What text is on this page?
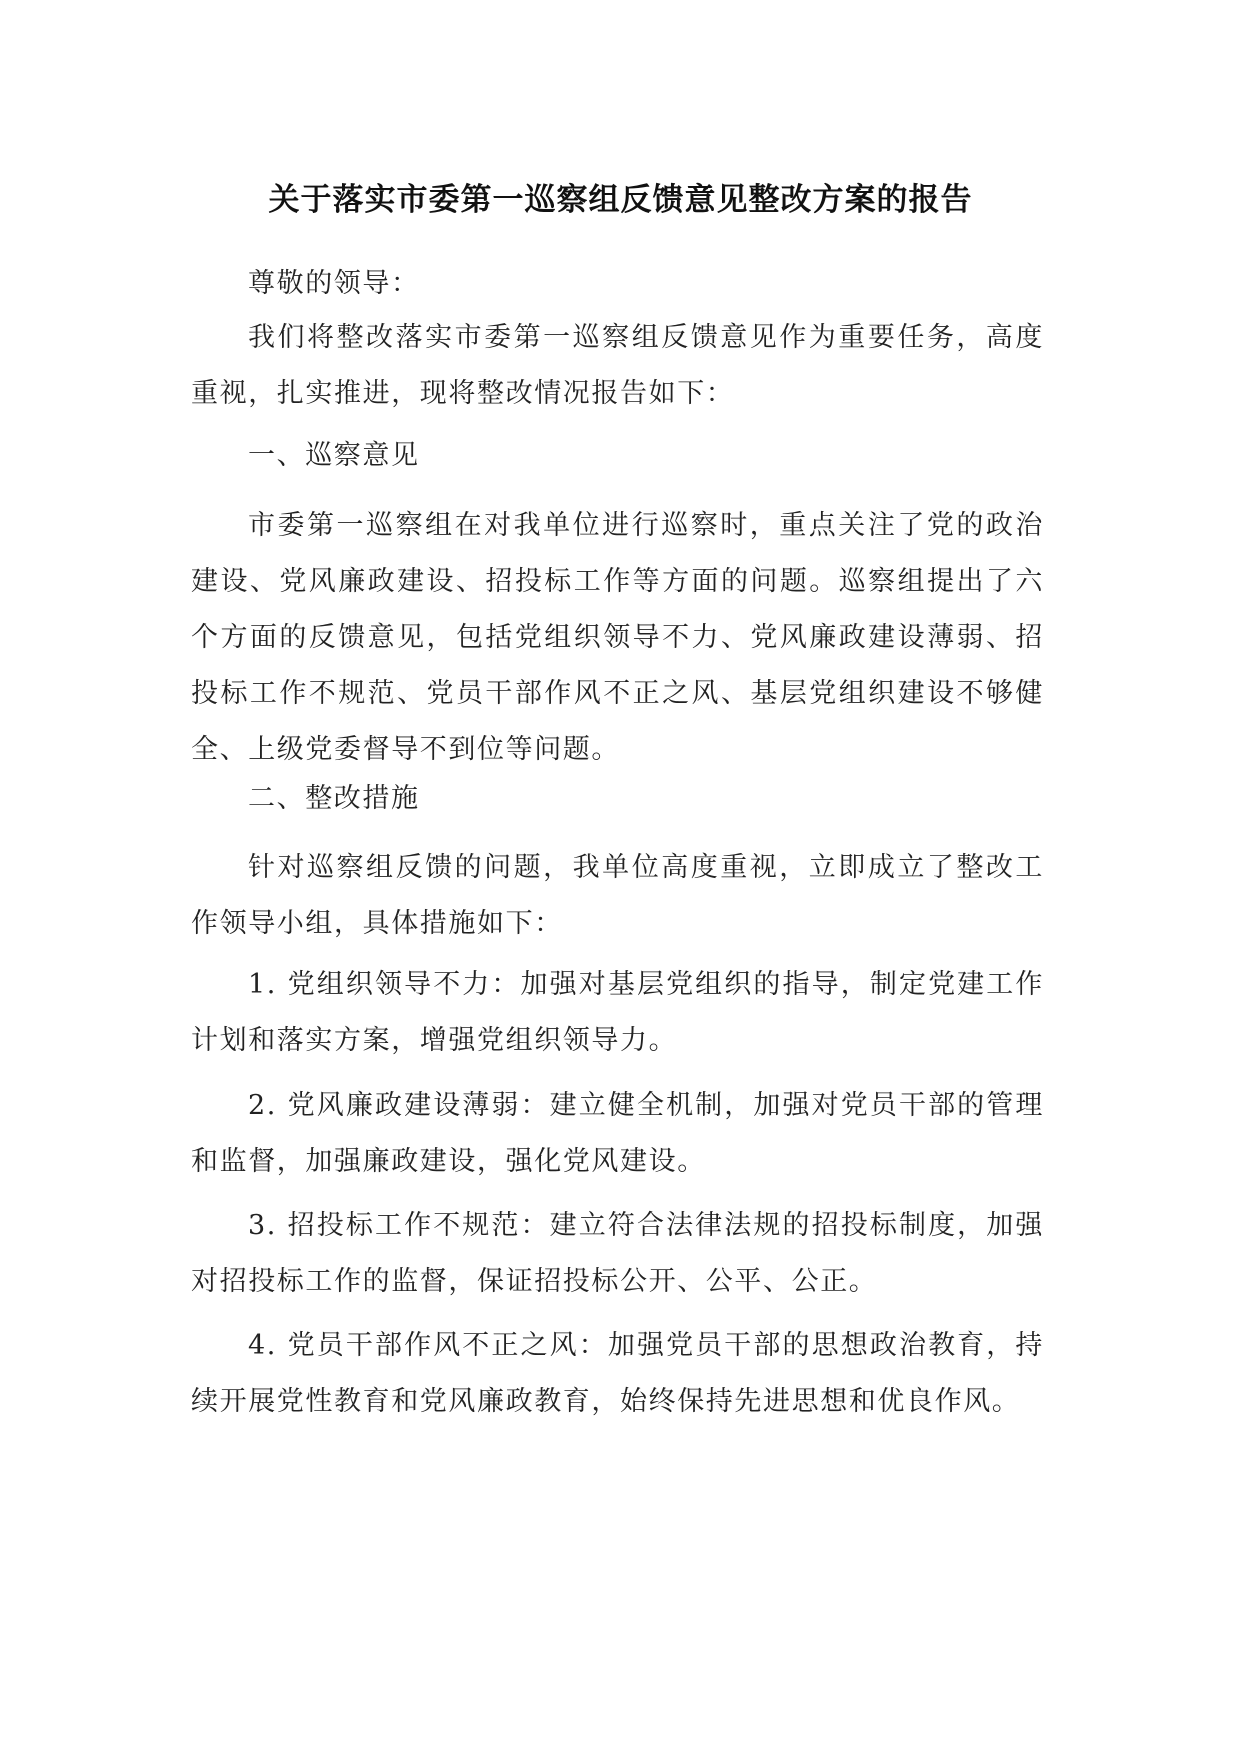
关于落实市委第一巡察组反馈意见整改方案的报告

尊敬的领导：

我们将整改落实市委第一巡察组反馈意见作为重要任务，高度重视，扎实推进，现将整改情况报告如下：

一、巡察意见

市委第一巡察组在对我单位进行巡察时，重点关注了党的政治建设、党风廉政建设、招投标工作等方面的问题。巡察组提出了六个方面的反馈意见，包括党组织领导不力、党风廉政建设薄弱、招投标工作不规范、党员干部作风不正之风、基层党组织建设不够健全、上级党委督导不到位等问题。

二、整改措施

针对巡察组反馈的问题，我单位高度重视，立即成立了整改工作领导小组，具体措施如下：

1. 党组织领导不力：加强对基层党组织的指导，制定党建工作计划和落实方案，增强党组织领导力。

2. 党风廉政建设薄弱：建立健全机制，加强对党员干部的管理和监督，加强廉政建设，强化党风建设。

3. 招投标工作不规范：建立符合法律法规的招投标制度，加强对招投标工作的监督，保证招投标公开、公平、公正。

4. 党员干部作风不正之风：加强党员干部的思想政治教育，持续开展党性教育和党风廉政教育，始终保持先进思想和优良作风。
